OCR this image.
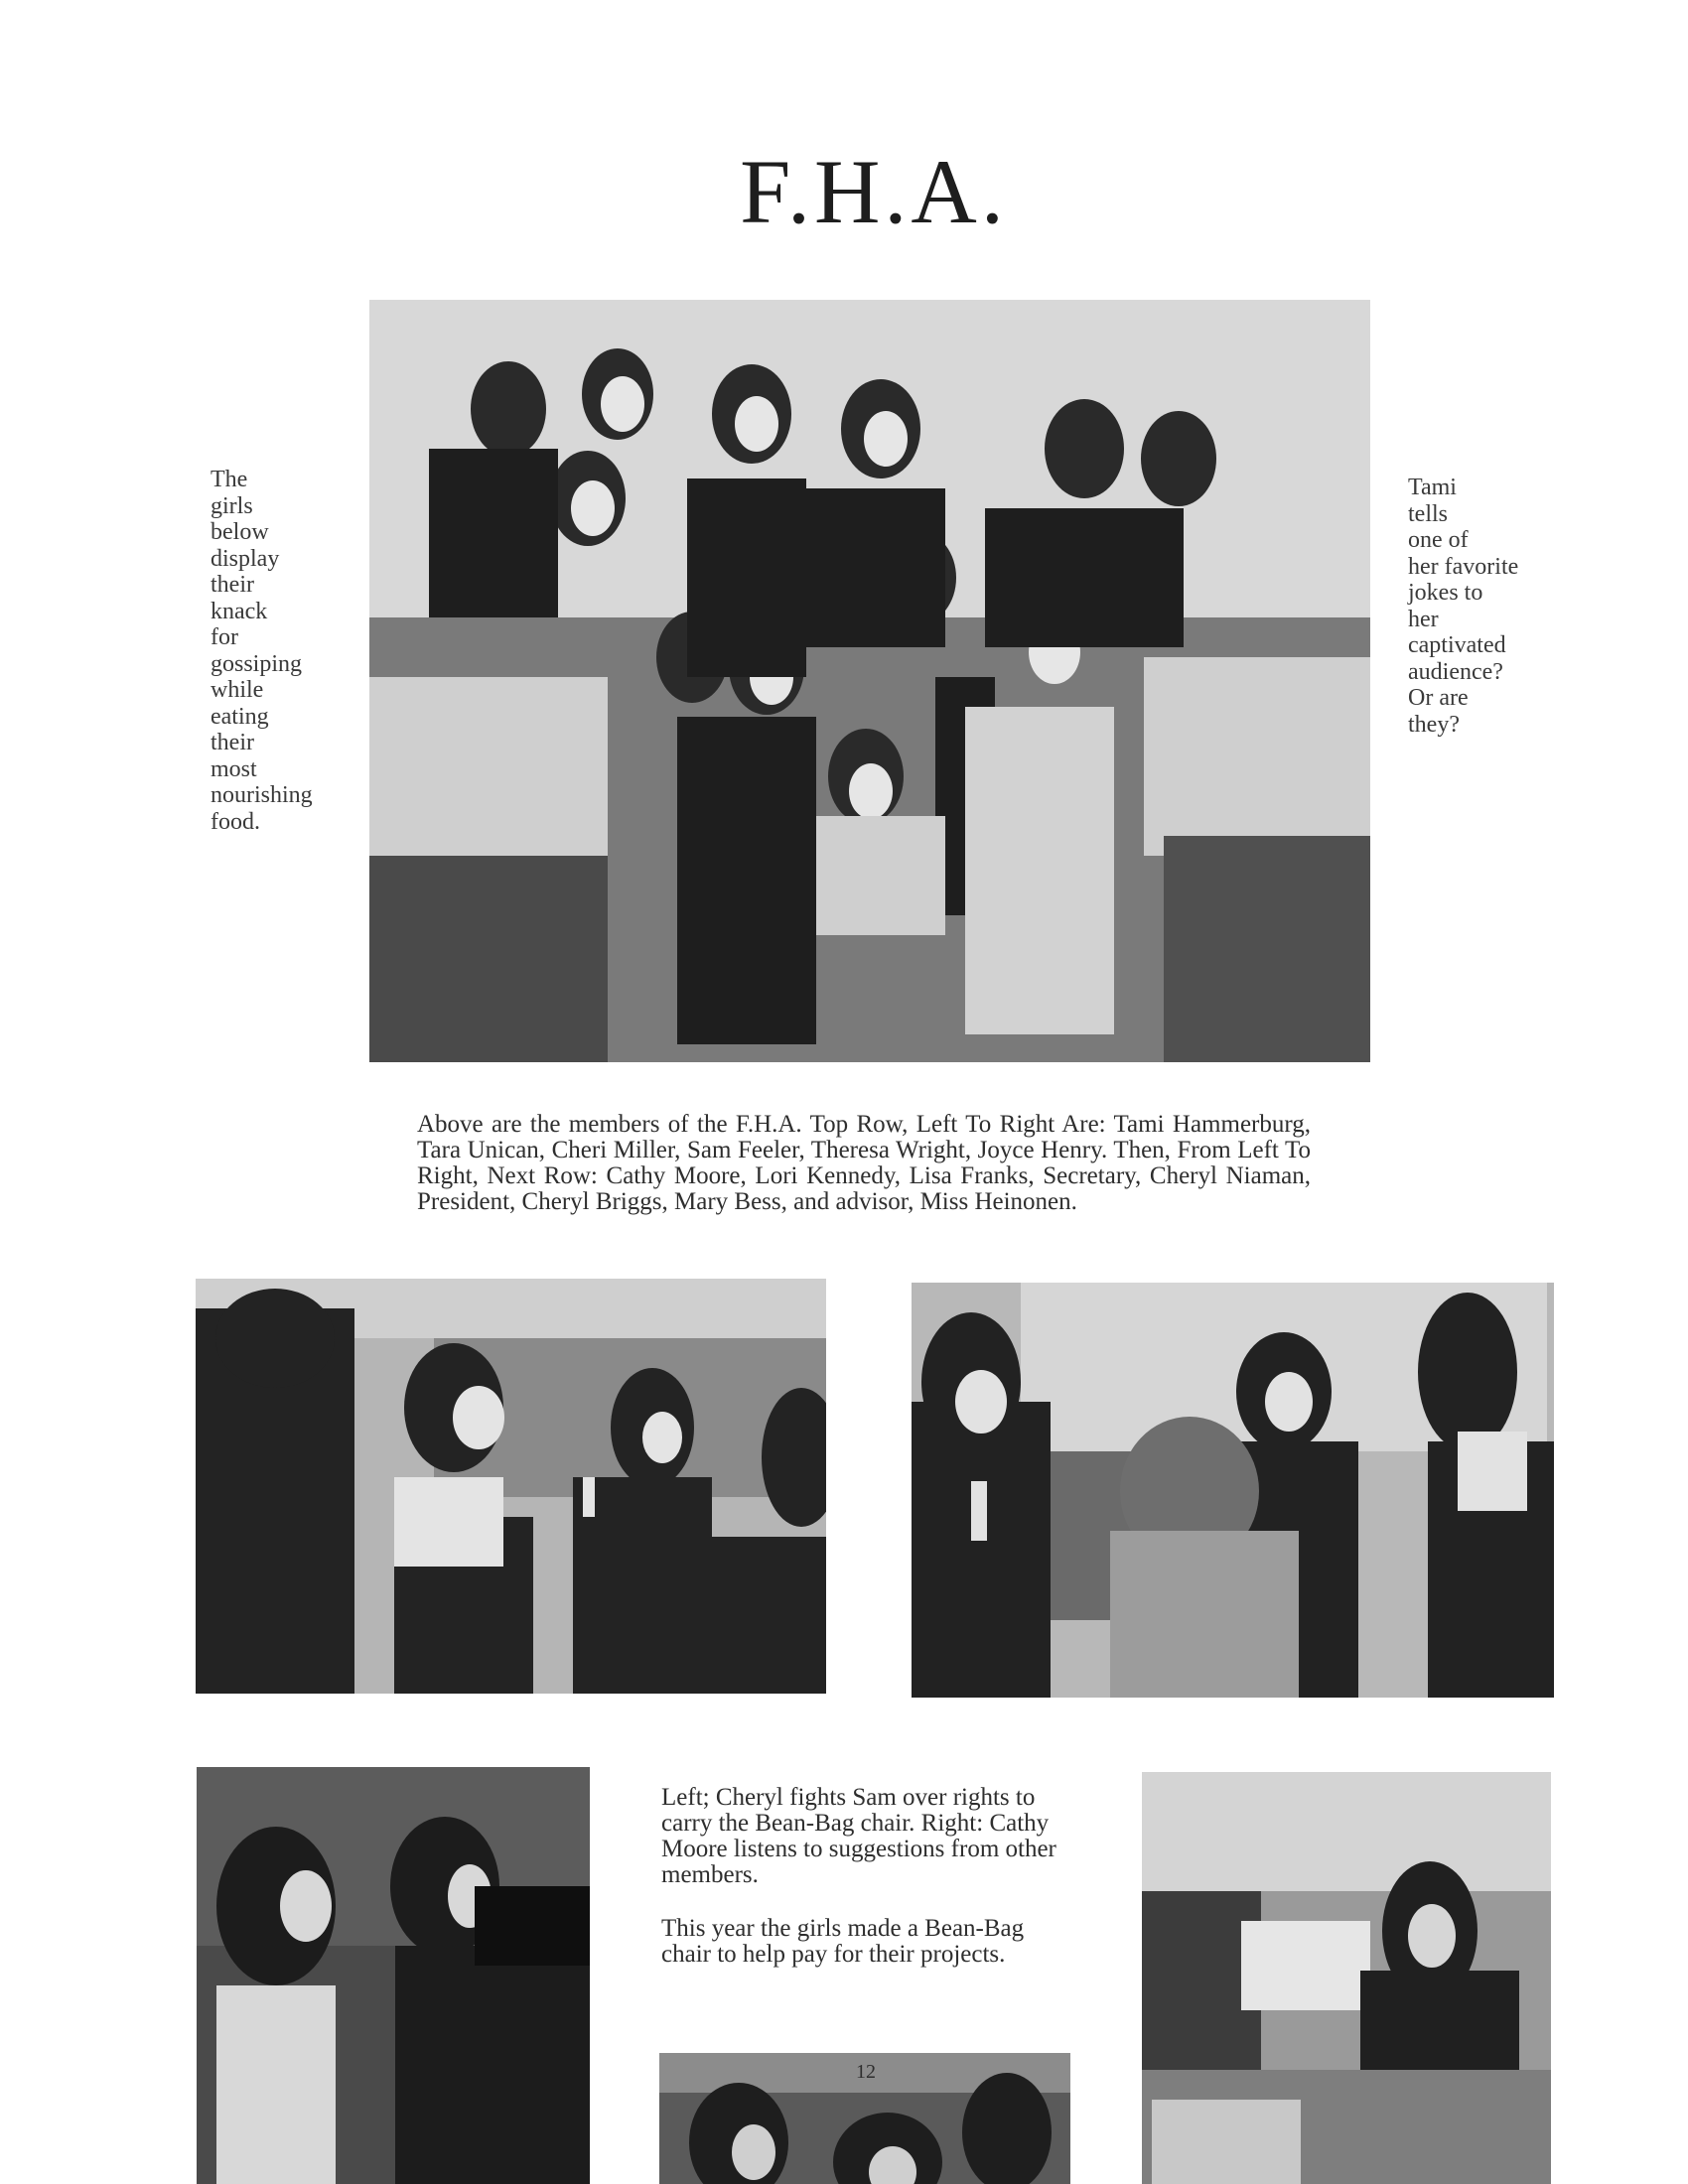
F.H.A.
The
girls
below
display
their
knack
for
gossiping
while
eating
their
most
nourishing
food.
Tami
tells
one of
her favorite
jokes to
her
captivated
audience?
Or are
they?
Above are the members of the F.H.A. Top Row, Left To Right Are: Tami Hammerburg, Tara Unican, Cheri Miller, Sam Feeler, Theresa Wright, Joyce Henry. Then, From Left To Right, Next Row: Cathy Moore, Lori Kennedy, Lisa Franks, Secretary, Cheryl Niaman, President, Cheryl Briggs, Mary Bess, and advisor, Miss Heinonen.
Left; Cheryl fights Sam over rights to carry the Bean-Bag chair. Right: Cathy Moore listens to suggestions from other members.
This year the girls made a Bean-Bag chair to help pay for their projects.
12
